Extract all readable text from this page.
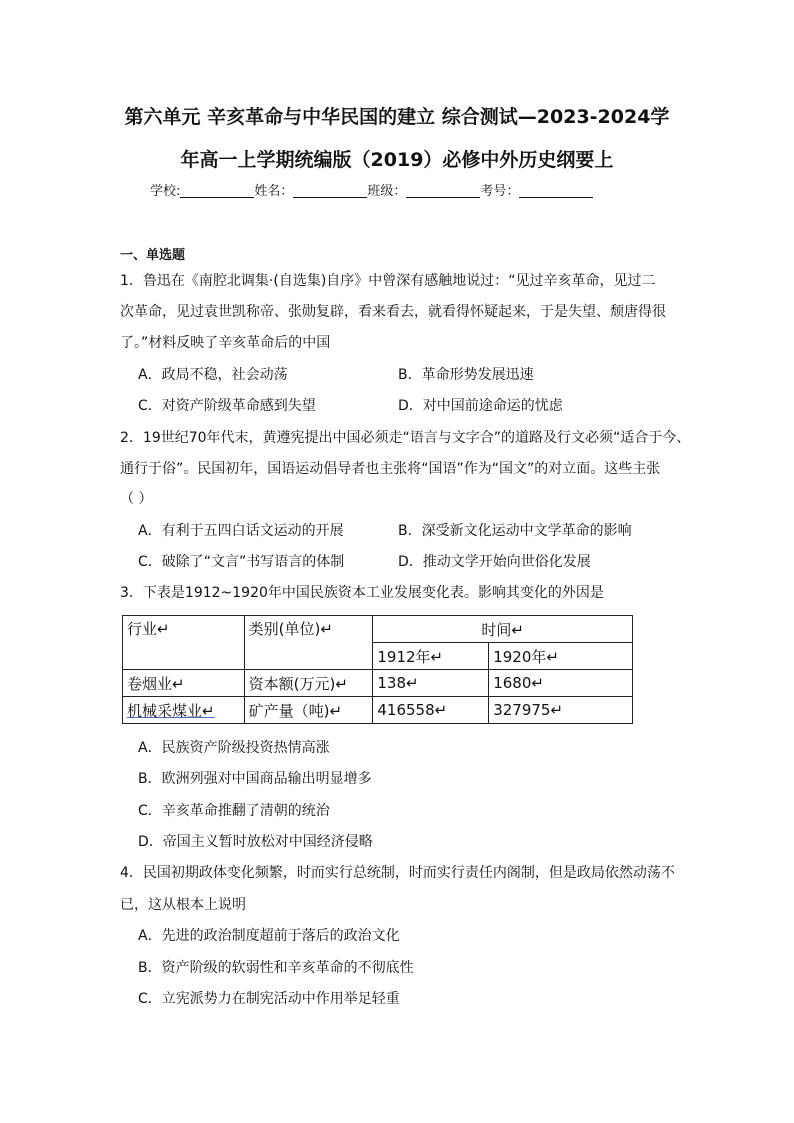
第六单元 辛亥革命与中华民国的建立 综合测试—2023-2024学
年高一上学期统编版（2019）必修中外历史纲要上
学校:	姓名：	班级：	考号：
一、单选题
1．鲁迅在《南腔北调集·(自选集)自序》中曾深有感触地说过：“见过辛亥革命，见过二
次革命，见过袁世凯称帝、张勋复辟，看来看去，就看得怀疑起来，于是失望、颓唐得很
了。”材料反映了辛亥革命后的中国
A．政局不稳，社会动荡	B．革命形势发展迅速
C．对资产阶级革命感到失望	D．对中国前途命运的忧虑
2．19世纪70年代末，黄遵宪提出中国必须走“语言与文字合”的道路及行文必须“适合于今、
通行于俗”。民国初年，国语运动倡导者也主张将“国语”作为“国文”的对立面。这些主张
（ ）
A．有利于五四白话文运动的开展	B．深受新文化运动中文学革命的影响
C．破除了“文言”书写语言的体制	D．推动文学开始向世俗化发展
3．下表是1912~1920年中国民族资本工业发展变化表。影响其变化的外因是
行业↵	类别(单位)↵	时间↵	
		1912年↵	1920年↵
卷烟业↵	资本额(万元)↵	138↵	1680↵
机械采煤业↵	矿产量（吨)↵	416558↵	327975↵
A．民族资产阶级投资热情高涨
B．欧洲列强对中国商品输出明显增多
C．辛亥革命推翻了清朝的统治
D．帝国主义暂时放松对中国经济侵略
4．民国初期政体变化频繁，时而实行总统制，时而实行责任内阁制，但是政局依然动荡不
已，这从根本上说明
A．先进的政治制度超前于落后的政治文化
B．资产阶级的软弱性和辛亥革命的不彻底性
C．立宪派势力在制宪活动中作用举足轻重
